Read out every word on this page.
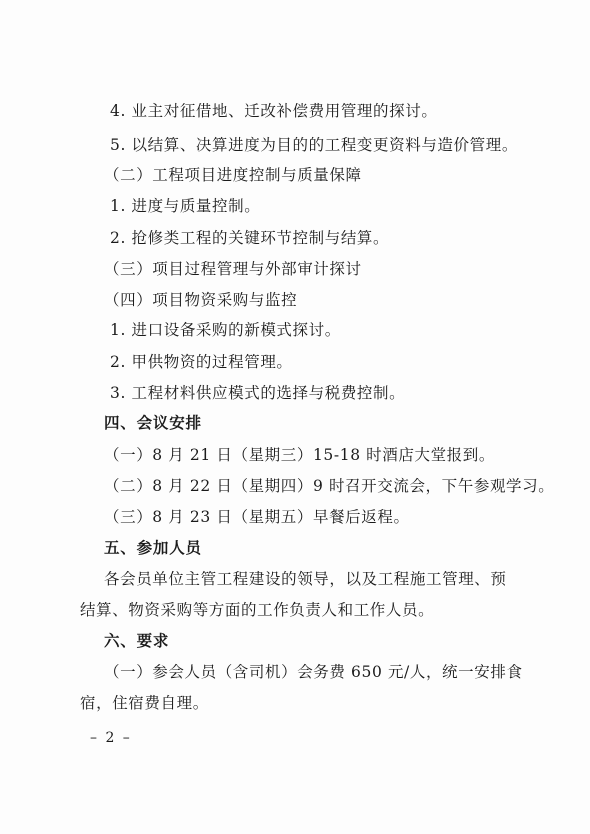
4. 业主对征借地、迁改补偿费用管理的探讨。
5. 以结算、决算进度为目的的工程变更资料与造价管理。
（二）工程项目进度控制与质量保障
1. 进度与质量控制。
2. 抢修类工程的关键环节控制与结算。
（三）项目过程管理与外部审计探讨
（四）项目物资采购与监控
1. 进口设备采购的新模式探讨。
2. 甲供物资的过程管理。
3. 工程材料供应模式的选择与税费控制。
四、会议安排
（一）8 月 21 日（星期三）15-18 时酒店大堂报到。
（二）8 月 22 日（星期四）9 时召开交流会，下午参观学习。
（三）8 月 23 日（星期五）早餐后返程。
五、参加人员
各会员单位主管工程建设的领导，以及工程施工管理、预
结算、物资采购等方面的工作负责人和工作人员。
六、要求
（一）参会人员（含司机）会务费 650 元/人，统一安排食
宿，住宿费自理。
– 2 –
